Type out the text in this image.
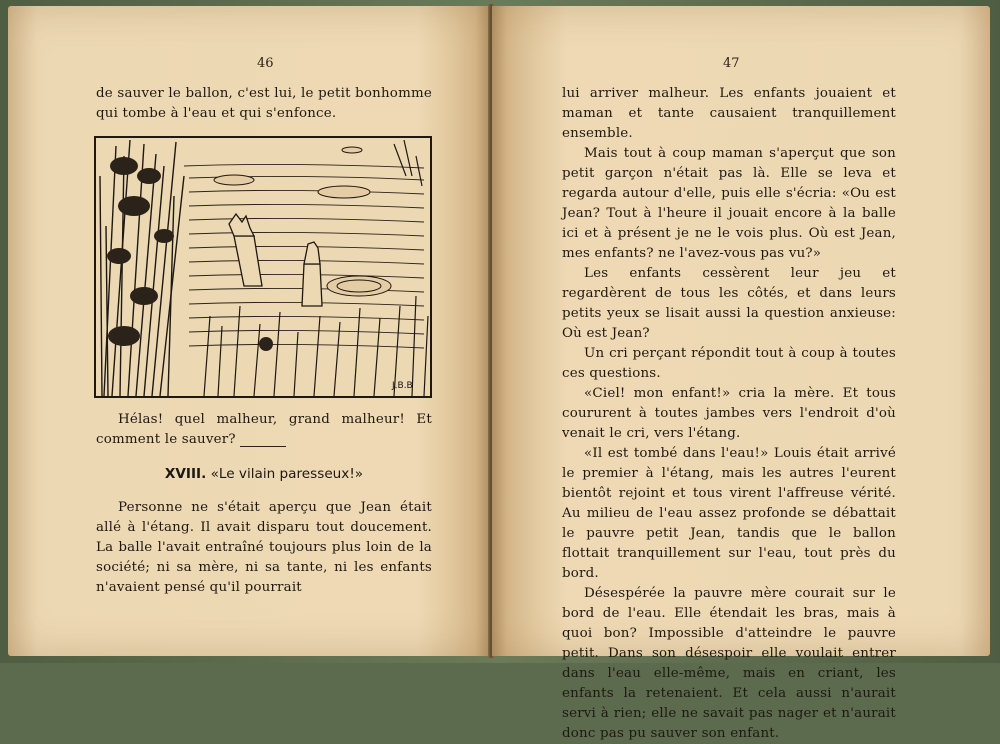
46

de sauver le ballon, c'est lui, le petit bonhomme qui tombe à l'eau et qui s'enfonce.

J.B.B

Hélas! quel malheur, grand malheur! Et comment le sauver?

XVIII. «Le vilain paresseux!»

Personne ne s'était aperçu que Jean était allé à l'étang. Il avait disparu tout doucement. La balle l'avait entraîné toujours plus loin de la société; ni sa mère, ni sa tante, ni les enfants n'avaient pensé qu'il pourrait

47

lui arriver malheur. Les enfants jouaient et maman et tante causaient tranquillement ensemble.

Mais tout à coup maman s'aperçut que son petit garçon n'était pas là. Elle se leva et regarda autour d'elle, puis elle s'écria: «Ou est Jean? Tout à l'heure il jouait encore à la balle ici et à présent je ne le vois plus. Où est Jean, mes enfants? ne l'avez-vous pas vu?»

Les enfants cessèrent leur jeu et regardèrent de tous les côtés, et dans leurs petits yeux se lisait aussi la question anxieuse: Où est Jean?

Un cri perçant répondit tout à coup à toutes ces questions.

«Ciel! mon enfant!» cria la mère. Et tous coururent à toutes jambes vers l'endroit d'où venait le cri, vers l'étang.

«Il est tombé dans l'eau!» Louis était arrivé le premier à l'étang, mais les autres l'eurent bientôt rejoint et tous virent l'affreuse vérité. Au milieu de l'eau assez profonde se débattait le pauvre petit Jean, tandis que le ballon flottait tranquillement sur l'eau, tout près du bord.

Désespérée la pauvre mère courait sur le bord de l'eau. Elle étendait les bras, mais à quoi bon? Impossible d'atteindre le pauvre petit. Dans son désespoir elle voulait entrer dans l'eau elle-même, mais en criant, les enfants la retenaient. Et cela aussi n'aurait servi à rien; elle ne savait pas nager et n'aurait donc pas pu sauver son enfant.
